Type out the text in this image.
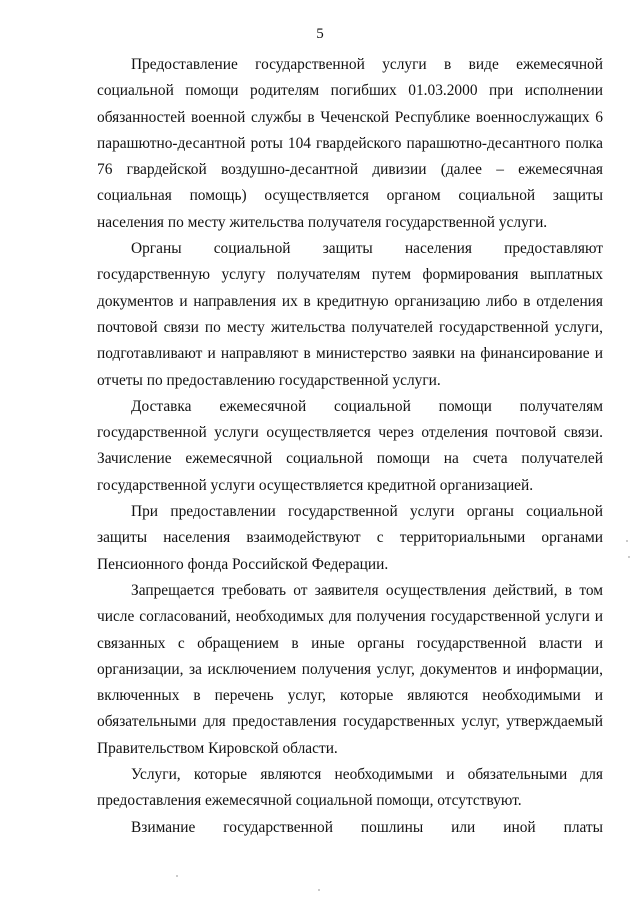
5

Предоставление государственной услуги в виде ежемесячной социальной помощи родителям погибших 01.03.2000 при исполнении обязанностей военной службы в Чеченской Республике военнослужащих 6 парашютно-десантной роты 104 гвардейского парашютно-десантного полка 76 гвардейской воздушно-десантной дивизии (далее – ежемесячная социальная помощь) осуществляется органом социальной защиты населения по месту жительства получателя государственной услуги.

Органы социальной защиты населения предоставляют государственную услугу получателям путем формирования выплатных документов и направления их в кредитную организацию либо в отделения почтовой связи по месту жительства получателей государственной услуги, подготавливают и направляют в министерство заявки на финансирование и отчеты по предоставлению государственной услуги.

Доставка ежемесячной социальной помощи получателям государственной услуги осуществляется через отделения почтовой связи. Зачисление ежемесячной социальной помощи на счета получателей государственной услуги осуществляется кредитной организацией.

При предоставлении государственной услуги органы социальной защиты населения взаимодействуют с территориальными органами Пенсионного фонда Российской Федерации.

Запрещается требовать от заявителя осуществления действий, в том числе согласований, необходимых для получения государственной услуги и связанных с обращением в иные органы государственной власти и организации, за исключением получения услуг, документов и информации, включенных в перечень услуг, которые являются необходимыми и обязательными для предоставления государственных услуг, утверждаемый Правительством Кировской области.

Услуги, которые являются необходимыми и обязательными для предоставления ежемесячной социальной помощи, отсутствуют.

Взимание государственной пошлины или иной платы
